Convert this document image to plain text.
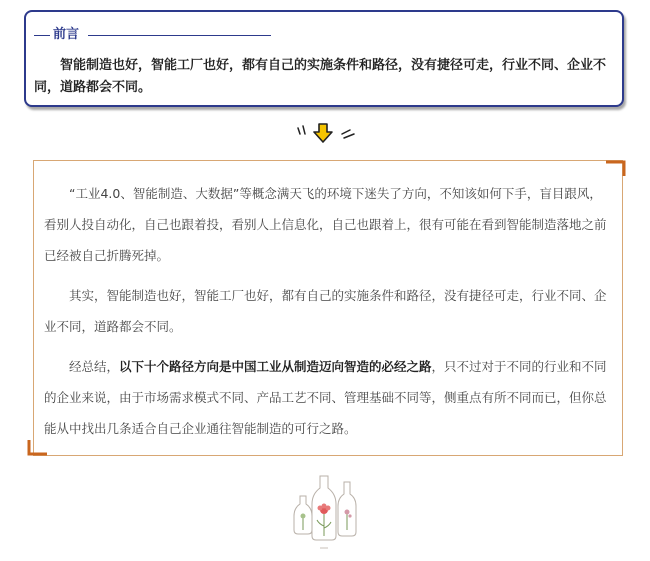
前言

智能制造也好，智能工厂也好，都有自己的实施条件和路径，没有捷径可走，行业不同、企业不同，道路都会不同。

“工业4.0、智能制造、大数据”等概念满天飞的环境下迷失了方向，不知该如何下手，盲目跟风，看别人投自动化，自己也跟着投，看别人上信息化，自己也跟着上，很有可能在看到智能制造落地之前已经被自己折腾死掉。

其实，智能制造也好，智能工厂也好，都有自己的实施条件和路径，没有捷径可走，行业不同、企业不同，道路都会不同。

经总结，以下十个路径方向是中国工业从制造迈向智造的必经之路，只不过对于不同的行业和不同的企业来说，由于市场需求模式不同、产品工艺不同、管理基础不同等，侧重点有所不同而已，但你总能从中找出几条适合自己企业通往智能制造的可行之路。
